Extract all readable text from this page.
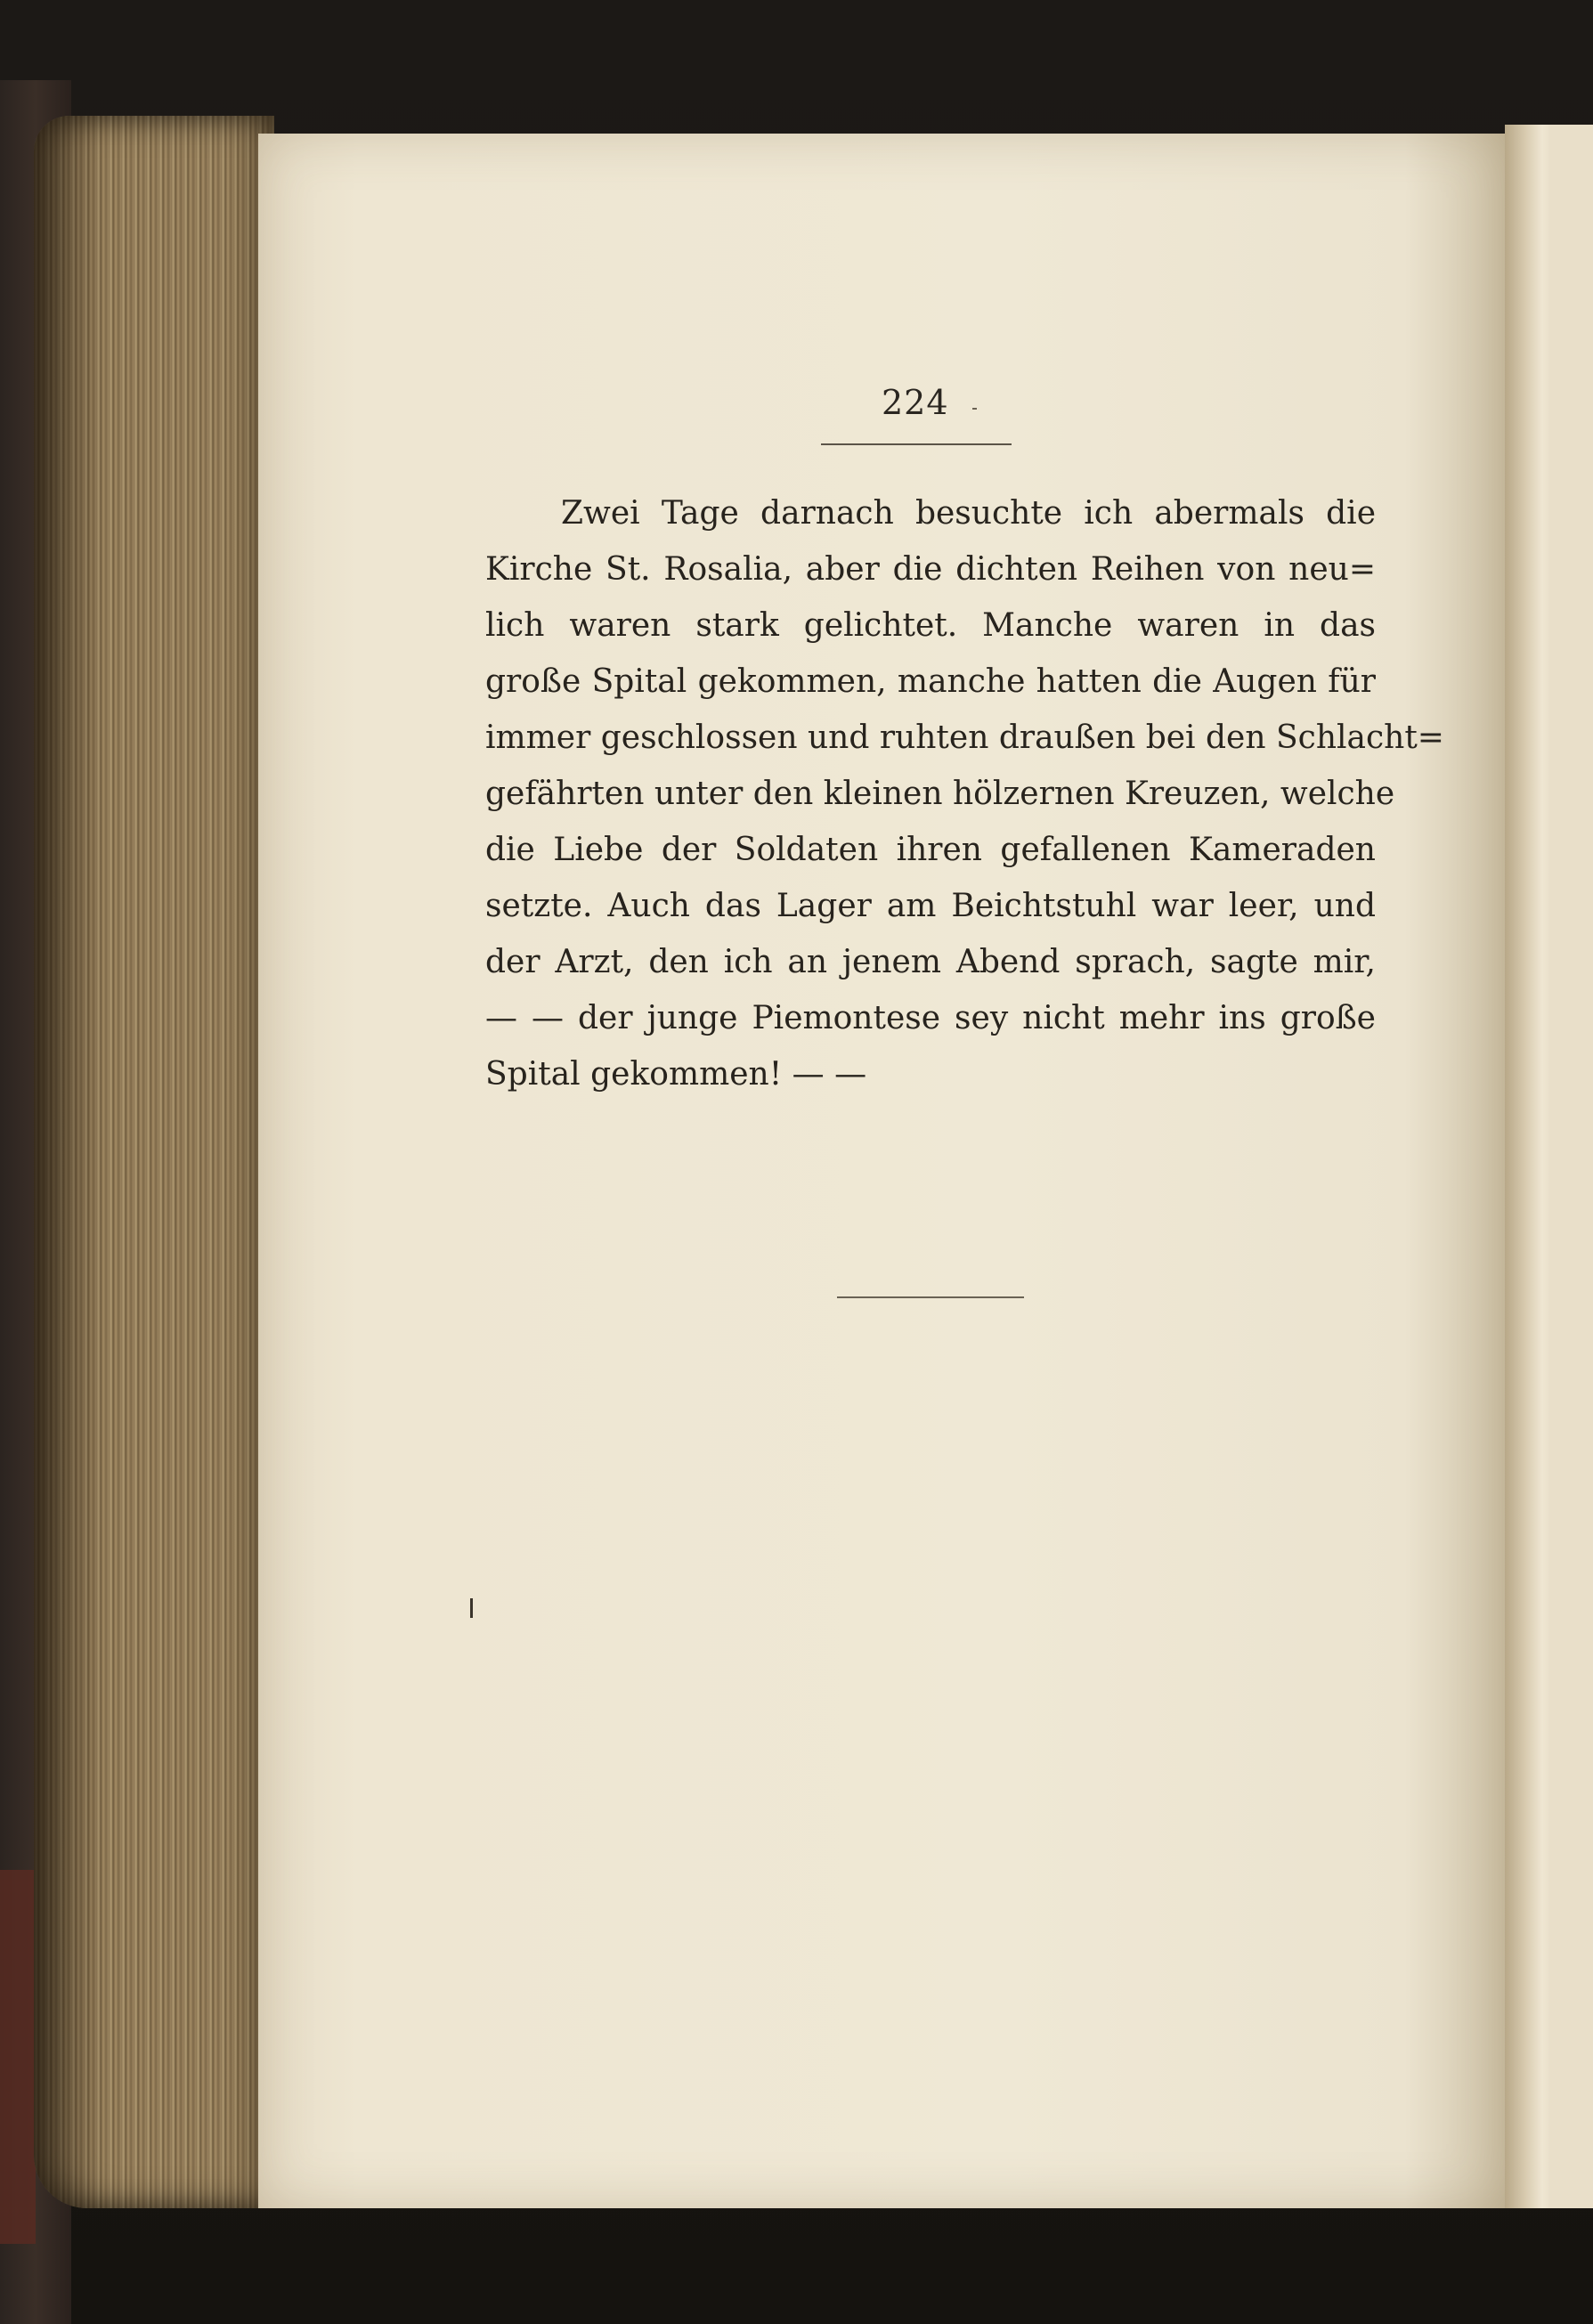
224
Zwei Tage darnach besuchte ich abermals die
Kirche St. Rosalia, aber die dichten Reihen von neu=
lich waren stark gelichtet. Manche waren in das
große Spital gekommen, manche hatten die Augen für
immer geschlossen und ruhten draußen bei den Schlacht=
gefährten unter den kleinen hölzernen Kreuzen, welche
die Liebe der Soldaten ihren gefallenen Kameraden
setzte. Auch das Lager am Beichtstuhl war leer, und
der Arzt, den ich an jenem Abend sprach, sagte mir,
— — der junge Piemontese sey nicht mehr ins große
Spital gekommen! — —
